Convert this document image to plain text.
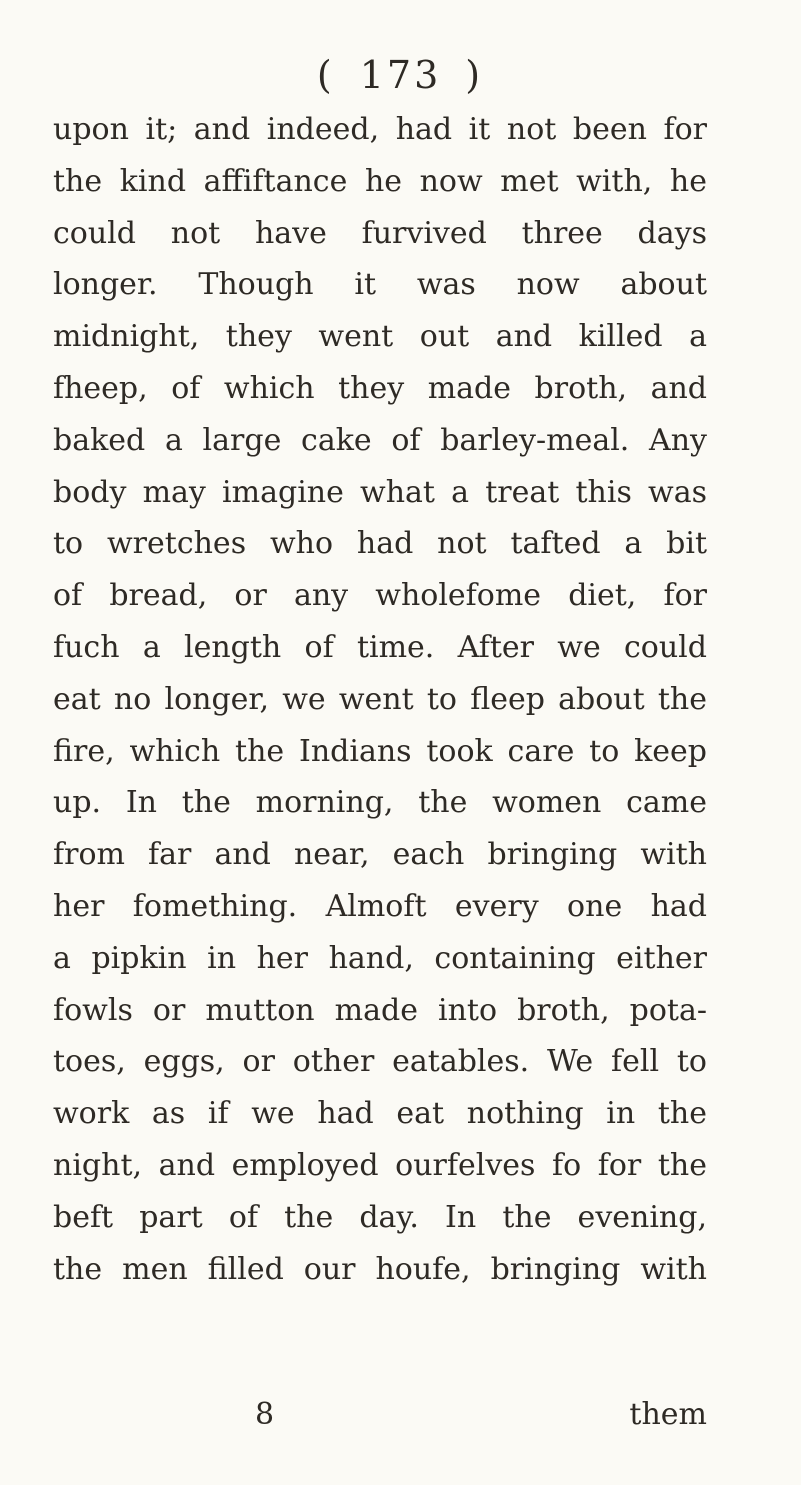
( 173 )
upon it; and indeed, had it not been for
the kind affiftance he now met with, he
could not have furvived three days
longer. Though it was now about
midnight, they went out and killed a
fheep, of which they made broth, and
baked a large cake of barley-meal. Any
body may imagine what a treat this was
to wretches who had not tafted a bit
of bread, or any wholefome diet, for
fuch a length of time. After we could
eat no longer, we went to fleep about the
fire, which the Indians took care to keep
up. In the morning, the women came
from far and near, each bringing with
her fomething. Almoft every one had
a pipkin in her hand, containing either
fowls or mutton made into broth, pota-
toes, eggs, or other eatables. We fell to
work as if we had eat nothing in the
night, and employed ourfelves fo for the
beft part of the day. In the evening,
the men filled our houfe, bringing with
8	them
